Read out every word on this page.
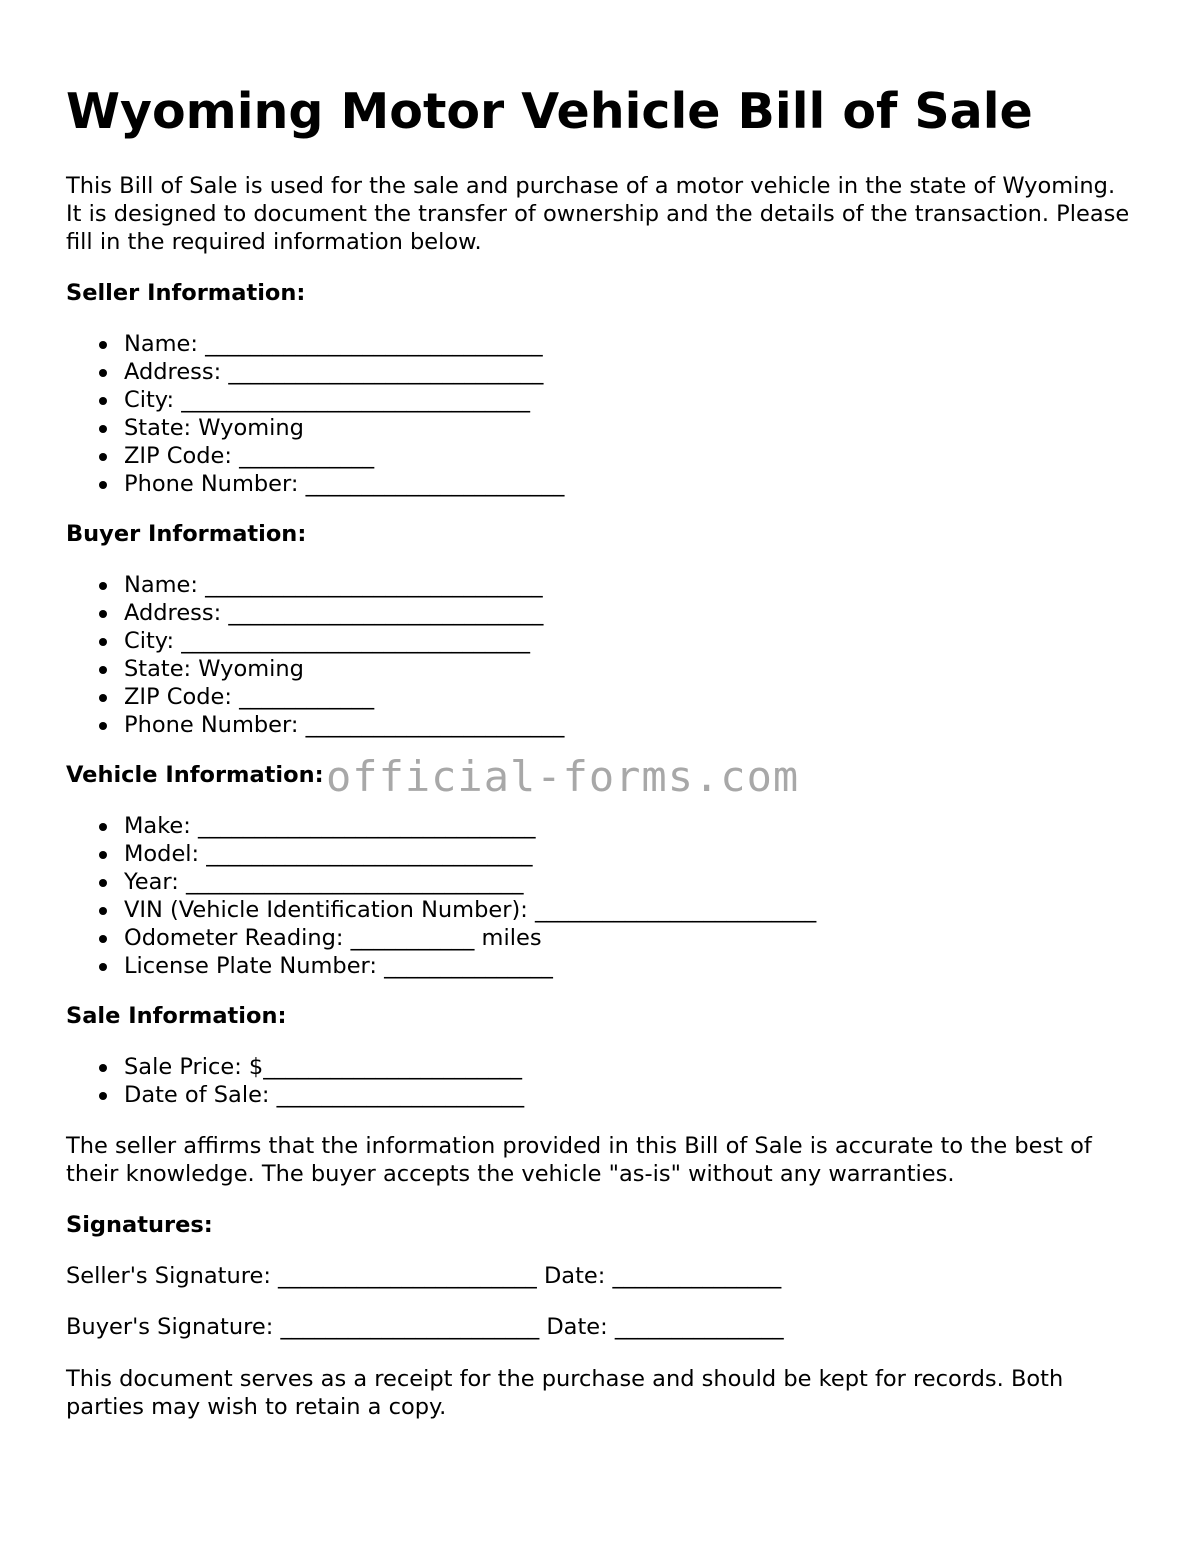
Wyoming Motor Vehicle Bill of Sale

This Bill of Sale is used for the sale and purchase of a motor vehicle in the state of Wyoming. It is designed to document the transfer of ownership and the details of the transaction. Please fill in the required information below.

Seller Information:
Name: ______________________________
Address: ____________________________
City: _______________________________
State: Wyoming
ZIP Code: ____________
Phone Number: _______________________
Buyer Information:
Name: ______________________________
Address: ____________________________
City: _______________________________
State: Wyoming
ZIP Code: ____________
Phone Number: _______________________
Vehicle Information:
Make: ______________________________
Model: _____________________________
Year: ______________________________
VIN (Vehicle Identification Number): _________________________
Odometer Reading: ___________ miles
License Plate Number: _______________
Sale Information:
Sale Price: $_______________________
Date of Sale: ______________________

The seller affirms that the information provided in this Bill of Sale is accurate to the best of their knowledge. The buyer accepts the vehicle "as-is" without any warranties.

Signatures:
Seller's Signature: _______________________ Date: _______________
Buyer's Signature: _______________________ Date: _______________

This document serves as a receipt for the purchase and should be kept for records. Both parties may wish to retain a copy.

official-forms.com
